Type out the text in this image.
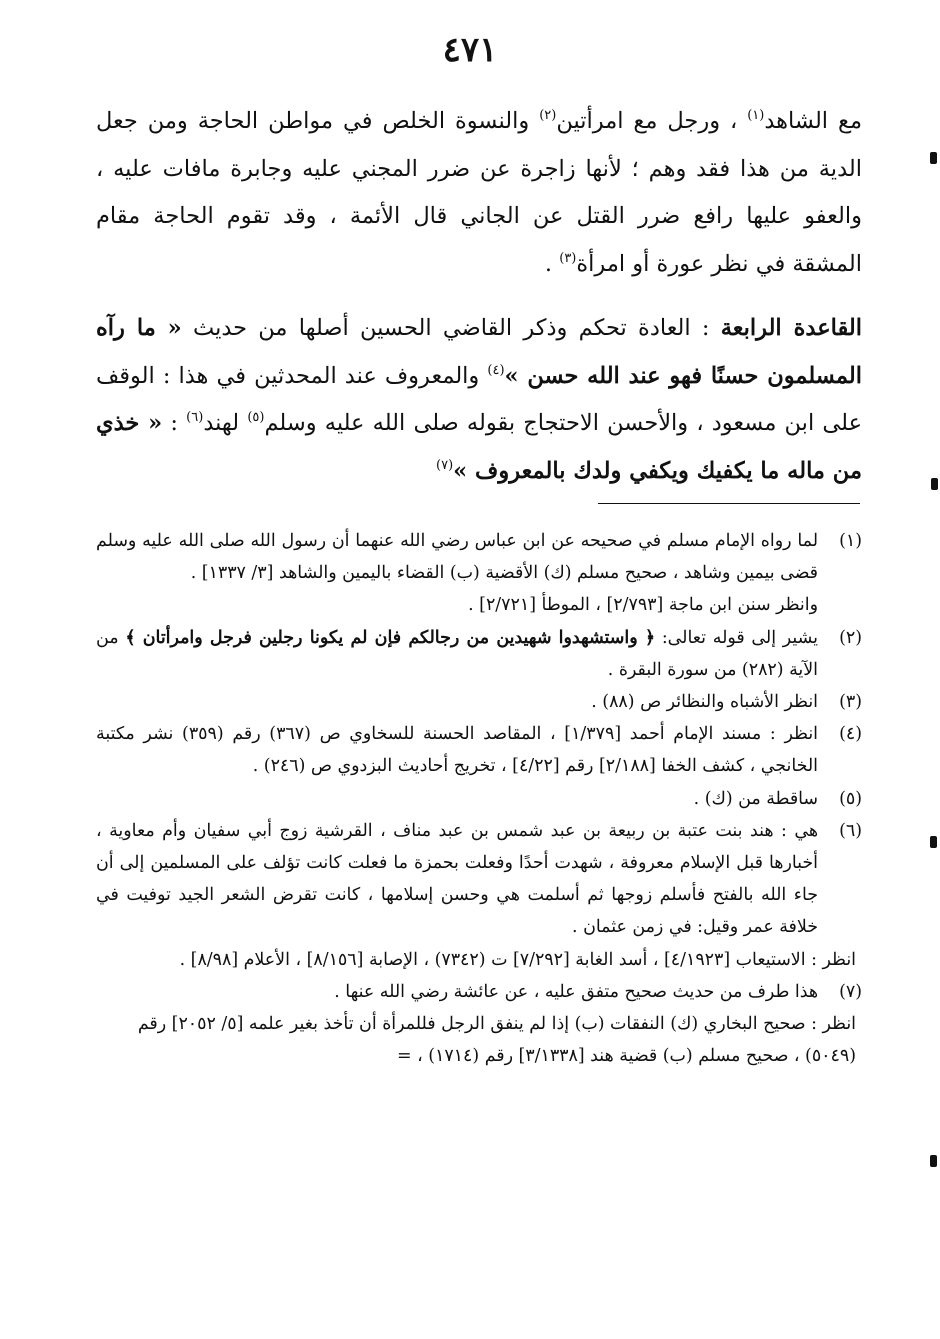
٤٧١

مع الشاهد$^{(١)}$ ، ورجل مع امرأتين$^{(٢)}$ والنسوة الخلص في مواطن الحاجة ومن جعل الدية من هذا فقد وهم ؛ لأنها زاجرة عن ضرر المجني عليه وجابرة مافات عليه ، والعفو عليها رافع ضرر القتل عن الجاني قال الأئمة ، وقد تقوم الحاجة مقام المشقة في نظر عورة أو امرأة$^{(٣)}$ .

القاعدة الرابعة : العادة تحكم وذكر القاضي الحسين أصلها من حديث « ما رآه المسلمون حسنًا فهو عند الله حسن »$^{(٤)}$ والمعروف عند المحدثين في هذا : الوقف على ابن مسعود ، والأحسن الاحتجاج بقوله صلى الله عليه وسلم$^{(٥)}$ لهند$^{(٦)}$ : « خذي من ماله ما يكفيك ويكفي ولدك بالمعروف »$^{(٧)}$

(١)
لما رواه الإمام مسلم في صحيحه عن ابن عباس رضي الله عنهما أن رسول الله صلى الله عليه وسلم قضى بيمين وشاهد ، صحيح مسلم (ك) الأقضية (ب) القضاء باليمين والشاهد [٣/ ١٣٣٧] .
وانظر سنن ابن ماجة [٢/٧٩٣] ، الموطأ [٢/٧٢١] .
(٢)
يشير إلى قوله تعالى: ﴿ واستشهدوا شهيدين من رجالكم فإن لم يكونا رجلين فرجل وامرأتان ﴾ من الآية (٢٨٢) من سورة البقرة .
(٣)
انظر الأشباه والنظائر ص (٨٨) .
(٤)
انظر : مسند الإمام أحمد [١/٣٧٩] ، المقاصد الحسنة للسخاوي ص (٣٦٧) رقم (٣٥٩) نشر مكتبة الخانجي ، كشف الخفا [٢/١٨٨] رقم [٤/٢٢] ، تخريج أحاديث البزدوي ص (٢٤٦) .
(٥)
ساقطة من (ك) .
(٦)
هي : هند بنت عتبة بن ربيعة بن عبد شمس بن عبد مناف ، القرشية زوج أبي سفيان وأم معاوية ، أخبارها قبل الإسلام معروفة ، شهدت أحدًا وفعلت بحمزة ما فعلت كانت تؤلف على المسلمين إلى أن جاء الله بالفتح فأسلم زوجها ثم أسلمت هي وحسن إسلامها ، كانت تقرض الشعر الجيد توفيت في خلافة عمر وقيل: في زمن عثمان .
انظر : الاستيعاب [٤/١٩٢٣] ، أسد الغابة [٧/٢٩٢] ت (٧٣٤٢) ، الإصابة [٨/١٥٦] ، الأعلام [٨/٩٨] .
(٧)
هذا طرف من حديث صحيح متفق عليه ، عن عائشة رضي الله عنها .
انظر : صحيح البخاري (ك) النفقات (ب) إذا لم ينفق الرجل فللمرأة أن تأخذ بغير علمه [٥/ ٢٠٥٢] رقم (٥٠٤٩) ، صحيح مسلم (ب) قضية هند [٣/١٣٣٨] رقم (١٧١٤) ، =
